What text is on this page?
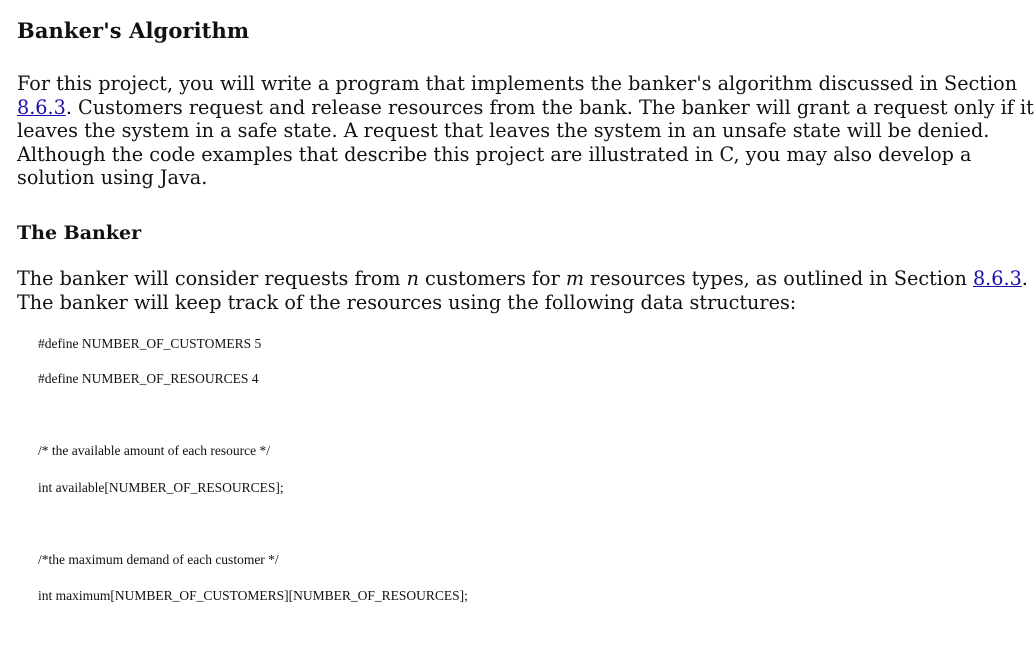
Banker's Algorithm
For this project, you will write a program that implements the banker's algorithm discussed in Section
8.6.3. Customers request and release resources from the bank. The banker will grant a request only if it
leaves the system in a safe state. A request that leaves the system in an unsafe state will be denied.
Although the code examples that describe this project are illustrated in C, you may also develop a
solution using Java.
The Banker
The banker will consider requests from n customers for m resources types, as outlined in Section 8.6.3.
The banker will keep track of the resources using the following data structures:
#define NUMBER_OF_CUSTOMERS 5
#define NUMBER_OF_RESOURCES 4
/* the available amount of each resource */
int available[NUMBER_OF_RESOURCES];
/*the maximum demand of each customer */
int maximum[NUMBER_OF_CUSTOMERS][NUMBER_OF_RESOURCES];
